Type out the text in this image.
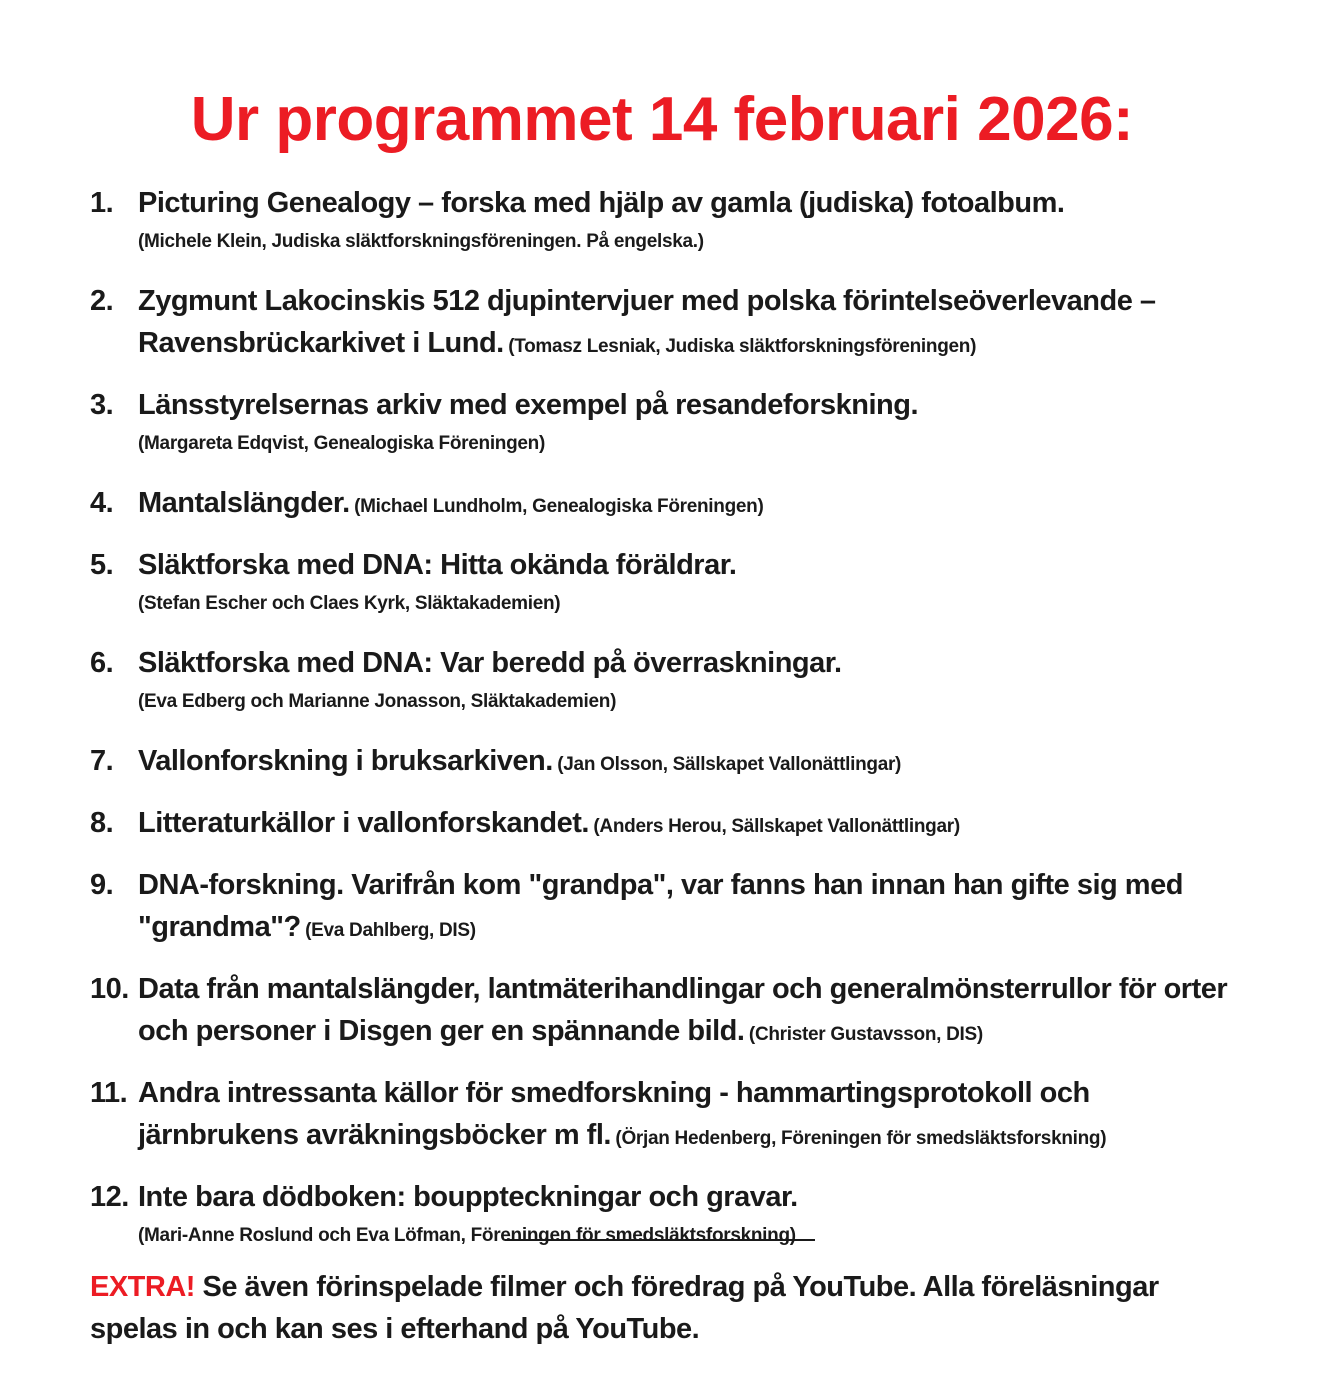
Ur programmet 14 februari 2026:
1. Picturing Genealogy – forska med hjälp av gamla (judiska) fotoalbum.
(Michele Klein, Judiska släktforskningsföreningen. På engelska.)
2. Zygmunt Lakocinskis 512 djupintervjuer med polska förintelseöverlevande – Ravensbrückarkivet i Lund. (Tomasz Lesniak, Judiska släktforskningsföreningen)
3. Länsstyrelsernas arkiv med exempel på resandeforskning.
(Margareta Edqvist, Genealogiska Föreningen)
4. Mantalslängder. (Michael Lundholm, Genealogiska Föreningen)
5. Släktforska med DNA: Hitta okända föräldrar.
(Stefan Escher och Claes Kyrk, Släktakademien)
6. Släktforska med DNA: Var beredd på överraskningar.
(Eva Edberg och Marianne Jonasson, Släktakademien)
7. Vallonforskning i bruksarkiven. (Jan Olsson, Sällskapet Vallonättlingar)
8. Litteraturkällor i vallonforskandet. (Anders Herou, Sällskapet Vallonättlingar)
9. DNA-forskning. Varifrån kom "grandpa", var fanns han innan han gifte sig med "grandma"? (Eva Dahlberg, DIS)
10. Data från mantalslängder, lantmäterihandlingar och generalmönsterrullor för orter och personer i Disgen ger en spännande bild. (Christer Gustavsson, DIS)
11. Andra intressanta källor för smedforskning - hammartingsprotokoll och järnbrukens avräkningsböcker m fl. (Örjan Hedenberg, Föreningen för smedsläktsforskning)
12. Inte bara dödboken: bouppteckningar och gravar.
(Mari-Anne Roslund och Eva Löfman, Föreningen för smedsläktsforskning)
EXTRA! Se även förinspelade filmer och föredrag på YouTube. Alla föreläsningar spelas in och kan ses i efterhand på YouTube.
